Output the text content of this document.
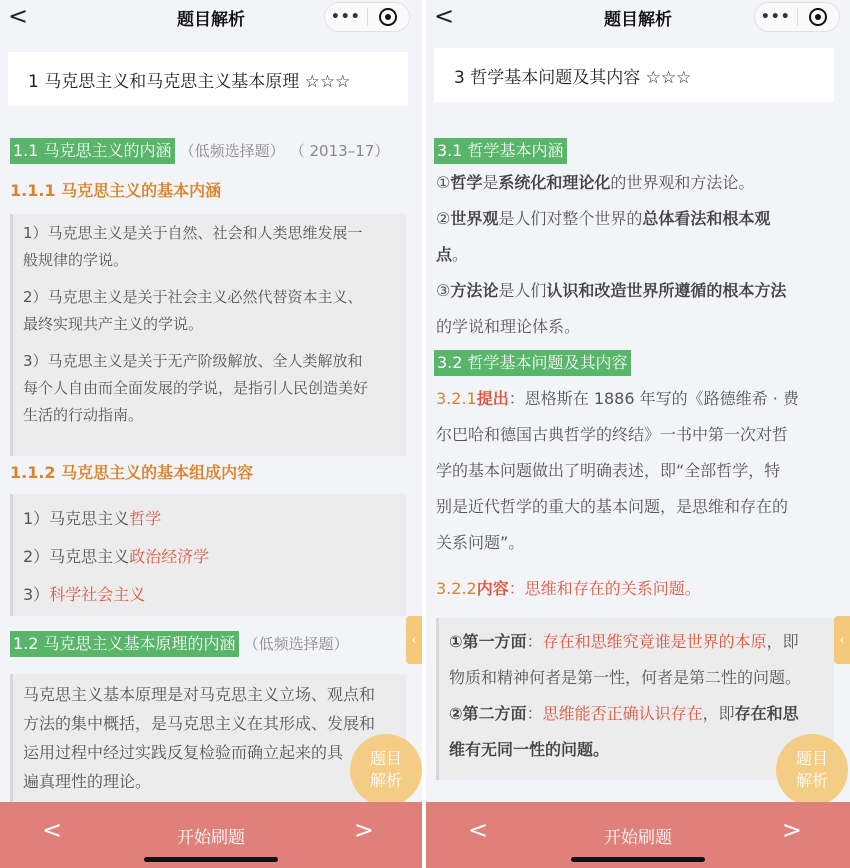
<	题目解析	•••
1 马克思主义和马克思主义基本原理 ☆☆☆
1.1 马克思主义的内涵 （低频选择题） （ 2013–17）
1.1.1 马克思主义的基本内涵

1）马克思主义是关于自然、社会和人类思维发展一
般规律的学说。

2）马克思主义是关于社会主义必然代替资本主义、
最终实现共产主义的学说。

3）马克思主义是关于无产阶级解放、全人类解放和
每个人自由而全面发展的学说，是指引人民创造美好
生活的行动指南。

1.1.2 马克思主义的基本组成内容
1）马克思主义哲学
2）马克思主义政治经济学
3）科学社会主义
1.2 马克思主义基本原理的内涵 （低频选择题）
马克思主义基本原理是对马克思主义立场、观点和
方法的集中概括，是马克思主义在其形成、发展和
运用过程中经过实践反复检验而确立起来的具
遍真理性的理论。
‹
题目
解析
<	开始刷题	>
<	题目解析	•••
3 哲学基本问题及其内容 ☆☆☆
3.1 哲学基本内涵
①哲学是系统化和理论化的世界观和方法论。
②世界观是人们对整个世界的总体看法和根本观
点。
③方法论是人们认识和改造世界所遵循的根本方法
的学说和理论体系。
3.2 哲学基本问题及其内容
3.2.1提出：恩格斯在 1886 年写的《路德维希 · 费
尔巴哈和德国古典哲学的终结》一书中第一次对哲
学的基本问题做出了明确表述，即“全部哲学，特
别是近代哲学的重大的基本问题，是思维和存在的
关系问题”。
3.2.2内容：思维和存在的关系问题。
①第一方面：存在和思维究竟谁是世界的本原，即
物质和精神何者是第一性，何者是第二性的问题。
②第二方面：思维能否正确认识存在，即存在和思
维有无同一性的问题。
‹
题目
解析
<	开始刷题	>
